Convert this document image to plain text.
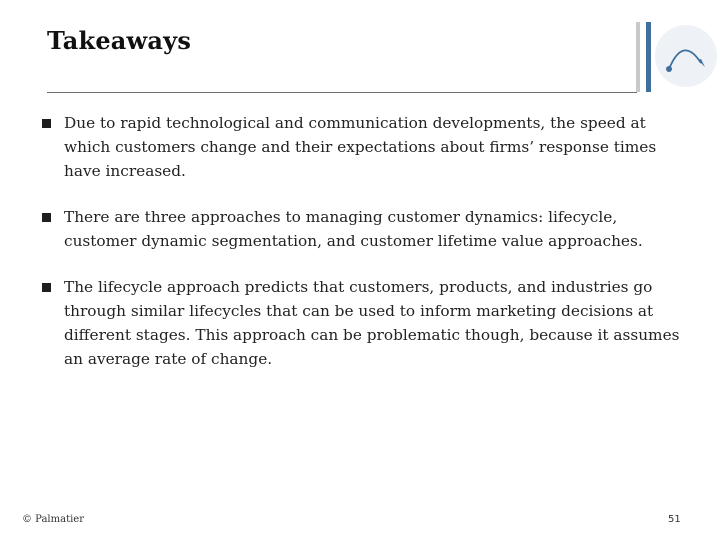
Takeaways
Due to rapid technological and communication developments, the speed at which customers change and their expectations about firms’ response times have increased.
There are three approaches to managing customer dynamics: lifecycle, customer dynamic segmentation, and customer lifetime value approaches.
The lifecycle approach predicts that customers, products, and industries go through similar lifecycles that can be used to inform marketing decisions at different stages. This approach can be problematic though, because it assumes an average rate of change.
© Palmatier	51
